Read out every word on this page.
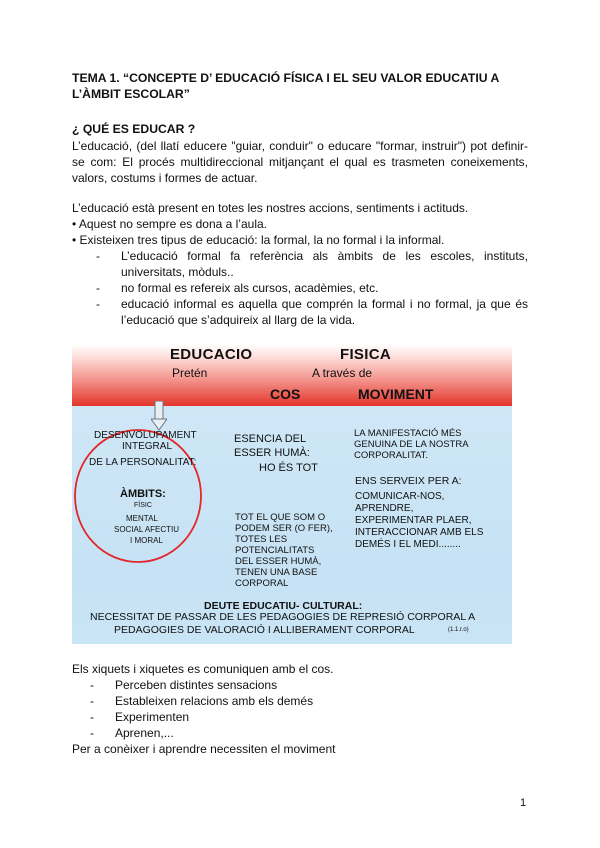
TEMA 1. “CONCEPTE D’ EDUCACIÓ FÍSICA I EL SEU VALOR EDUCATIU A L’ÀMBIT ESCOLAR”
¿ QUÉ ES EDUCAR ?
L’educació, (del llatí educere "guiar, conduir" o educare "formar, instruir") pot definir-se com: El procés multidireccional mitjançant el qual es trasmeten coneixements, valors, costums i formes de actuar.
L’educació està present en totes les nostres accions, sentiments i actituds.
• Aquest no sempre es dona a l’aula.
• Existeixen tres tipus de educació: la formal, la no formal i la informal.
- L’educació formal fa referència als àmbits de les escoles, instituts, universitats, mòduls..
- no formal es refereix als cursos, acadèmies, etc.
- educació informal es aquella que comprén la formal i no formal, ja que és l’educació que s’adquireix al llarg de la vida.
EDUCACIO	FISICA
Pretén	A través de
COS	MOVIMENT
DESENVOLUPAMENT
INTEGRAL
DE LA PERSONALITAT:
ÀMBITS:
FÍSIC
MENTAL
SOCIAL AFECTIU
I MORAL
ESENCIA DEL
ESSER HUMÀ:
HO ÉS TOT
LA MANIFESTACIÓ MÉS
GENUINA DE LA NOSTRA
CORPORALITAT.
ENS SERVEIX PER A:
COMUNICAR-NOS,
APRENDRE,
EXPERIMENTAR PLAER,
INTERACCIONAR AMB ELS
DEMÉS I EL MEDI........
TOT EL QUE SOM O
PODEM SER (O FER),
TOTES LES
POTENCIALITATS
DEL ESSER HUMÀ,
TENEN UNA BASE
CORPORAL
DEUTE EDUCATIU- CULTURAL:
NECESSITAT DE PASSAR DE LES PEDAGOGIES DE REPRESIÓ CORPORAL A
PEDAGOGIES DE VALORACIÓ I ALLIBERAMENT CORPORAL	(1.1.r.o)
Els xiquets i xiquetes es comuniquen amb el cos.
- Perceben distintes sensacions
- Estableixen relacions amb els demés
- Experimenten
- Aprenen,...
Per a conèixer i aprendre necessiten el moviment
1
